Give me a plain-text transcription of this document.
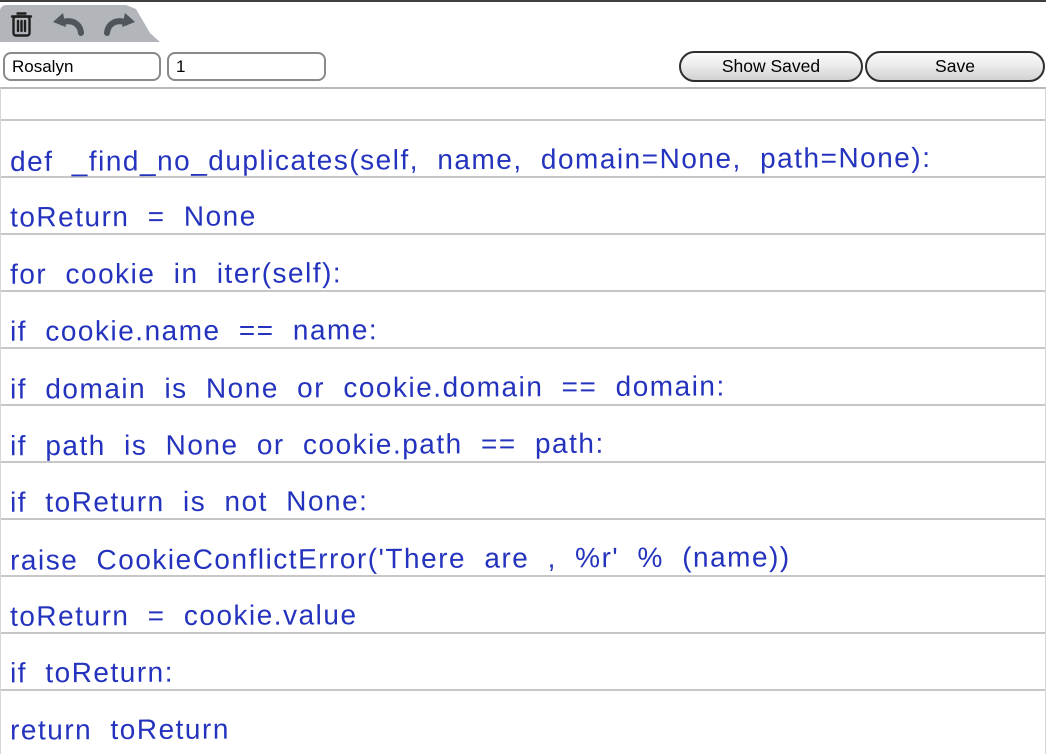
Rosalyn
1
Show Saved	Save
def _find_no_duplicates(self, name, domain=None, path=None):
toReturn = None
for cookie in iter(self):
if cookie.name == name:
if domain is None or cookie.domain == domain:
if path is None or cookie.path == path:
if toReturn is not None:
raise CookieConflictError('There are , %r' % (name))
toReturn = cookie.value
if toReturn:
return toReturn
